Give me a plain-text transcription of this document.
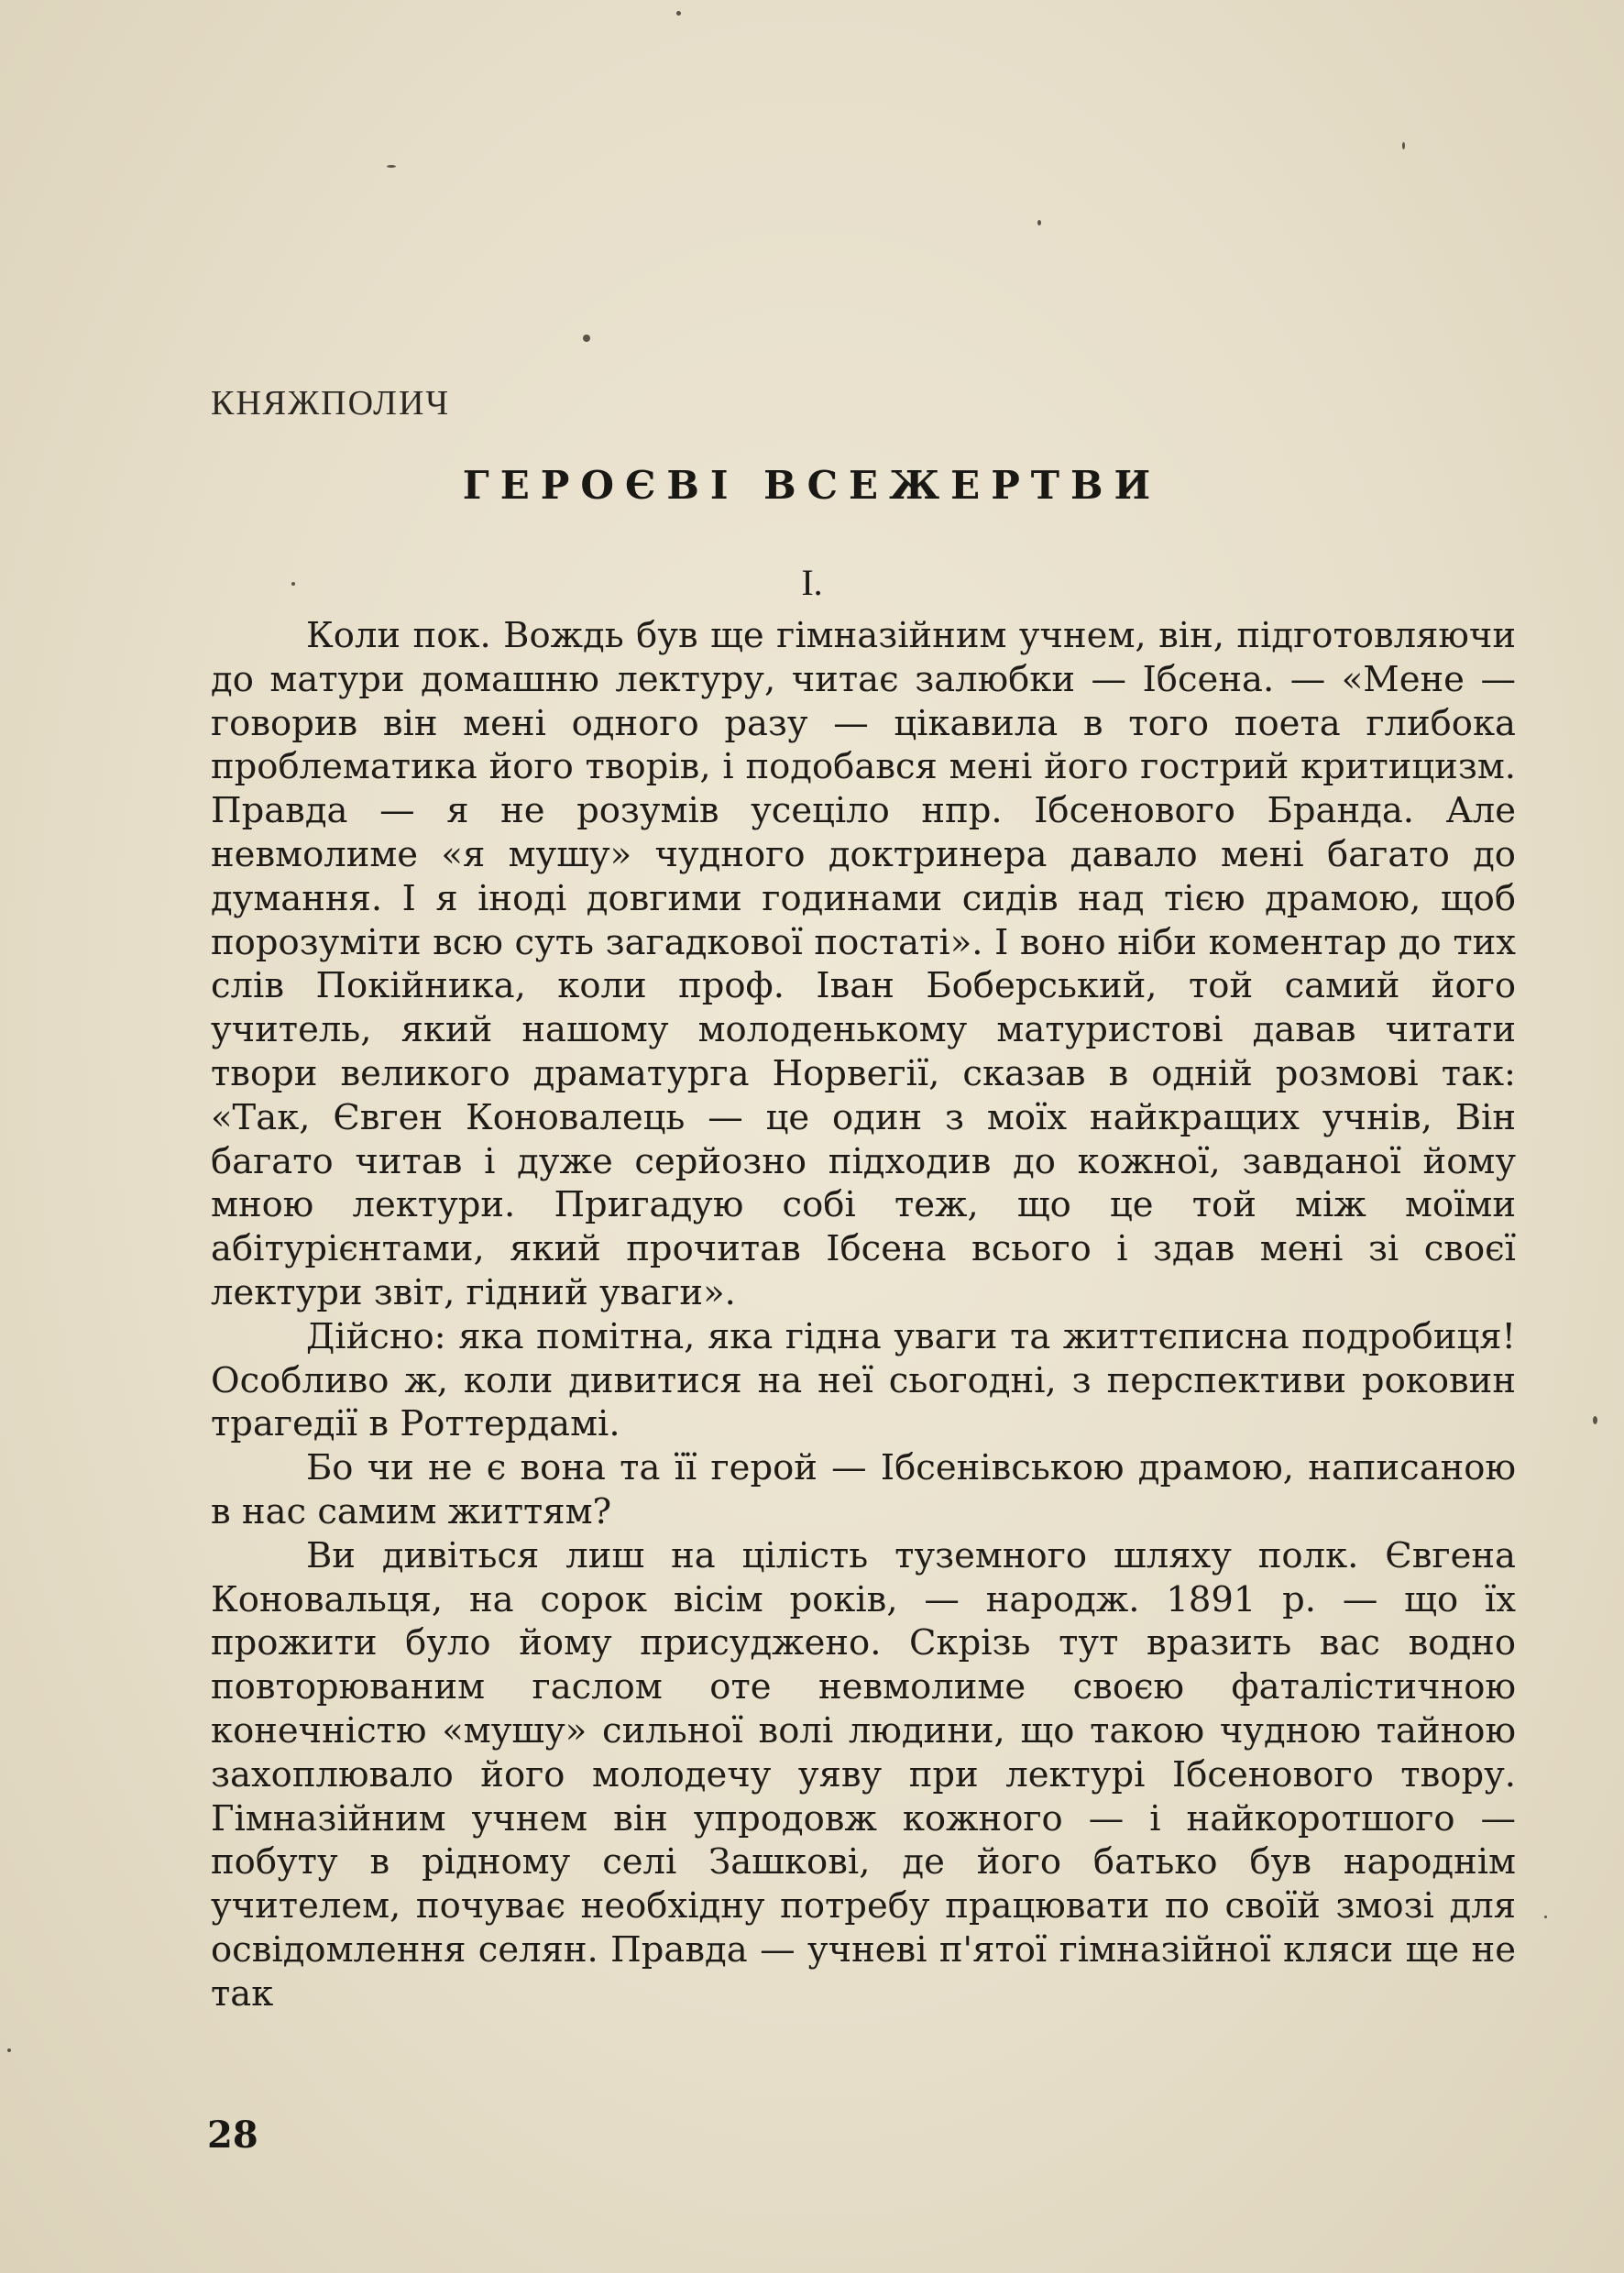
КНЯЖПОЛИЧ
ГЕРОЄВІ ВСЕЖЕРТВИ
I.

Коли пок. Вождь був ще гімназійним учнем, він, підготовляючи до матури домашню лектуру, читає залюбки — Ібсена. — «Мене — говорив він мені одного разу — цікавила в того поета глибока проблематика його творів, і подобався мені його гострий критицизм. Правда — я не розумів усеціло нпр. Ібсенового Бранда. Але невмолиме «я мушу» чудного доктринера давало мені багато до думання. І я іноді довгими годинами сидів над тією драмою, щоб порозуміти всю суть загадкової постаті». І воно ніби коментар до тих слів Покійника, коли проф. Іван Боберський, той самий його учитель, який нашому молоденькому матуристові давав читати твори великого драматурга Норвегії, сказав в одній розмові так: «Так, Євген Коновалець — це один з моїх найкращих учнів, Він багато читав і дуже серйозно підходив до кожної, завданої йому мною лектури. Пригадую собі теж, що це той між моїми абітурієнтами, який прочитав Ібсена всього і здав мені зі своєї лектури звіт, гідний уваги».

Дійсно: яка помітна, яка гідна уваги та життєписна подробиця! Особливо ж, коли дивитися на неї сьогодні, з перспективи роковин трагедії в Роттердамі.

Бо чи не є вона та її герой — Ібсенівською драмою, написаною в нас самим життям?

Ви дивіться лиш на цілість туземного шляху полк. Євгена Коновальця, на сорок вісім років, — народж. 1891 р. — що їх прожити було йому присуджено. Скрізь тут вразить вас водно повторюваним гаслом оте невмолиме своєю фаталістичною конечністю «мушу» сильної волі людини, що такою чудною тайною захоплювало його молодечу уяву при лектурі Ібсенового твору. Гімназійним учнем він упродовж кожного — і найкоротшого — побуту в рідному селі Зашкові, де його батько був народнім учителем, почуває необхідну потребу працювати по своїй змозі для освідомлення селян. Правда — учневі п'ятої гімназійної кляси ще не так

28
